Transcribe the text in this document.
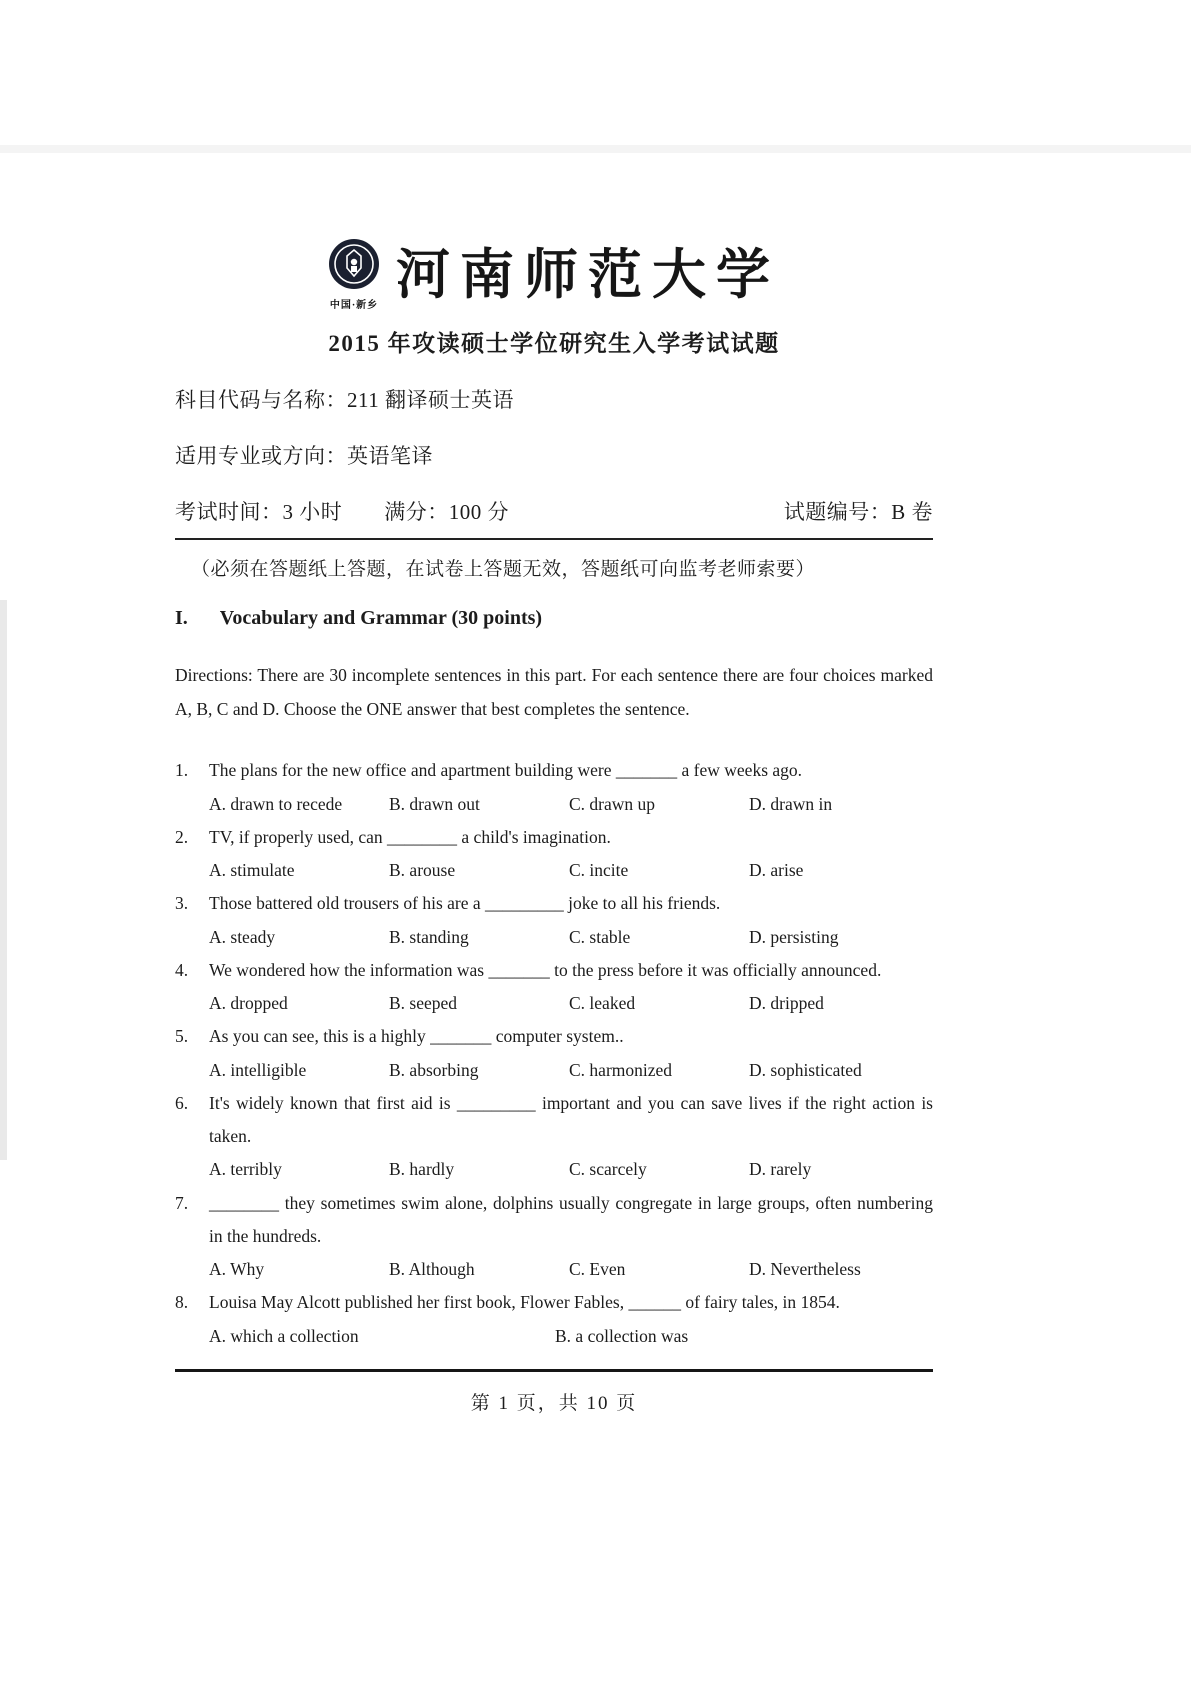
中国·新乡 河南师范大学
2015 年攻读硕士学位研究生入学考试试题
科目代码与名称：211 翻译硕士英语
适用专业或方向：英语笔译
考试时间：3 小时 满分：100 分	试题编号：B 卷
（必须在答题纸上答题，在试卷上答题无效，答题纸可向监考老师索要）
I. Vocabulary and Grammar (30 points)
Directions: There are 30 incomplete sentences in this part. For each sentence there are four choices marked A, B, C and D. Choose the ONE answer that best completes the sentence.
1.	The plans for the new office and apartment building were _______ a few weeks ago.
A. drawn to recede	B. drawn out	C. drawn up	D. drawn in
2.	TV, if properly used, can ________ a child's imagination.
A. stimulate	B. arouse	C. incite	D. arise
3.	Those battered old trousers of his are a _________ joke to all his friends.
A. steady	B. standing	C. stable	D. persisting
4.	We wondered how the information was _______ to the press before it was officially announced.
A. dropped	B. seeped	C. leaked	D. dripped
5.	As you can see, this is a highly _______ computer system..
A. intelligible	B. absorbing	C. harmonized	D. sophisticated
6.	It's widely known that first aid is _________ important and you can save lives if the right action is taken.
A. terribly	B. hardly	C. scarcely	D. rarely
7.	________ they sometimes swim alone, dolphins usually congregate in large groups, often numbering in the hundreds.
A. Why	B. Although	C. Even	D. Nevertheless
8.	Louisa May Alcott published her first book, Flower Fables, ______ of fairy tales, in 1854.
A. which a collection	B. a collection was
第 1 页，共 10 页
